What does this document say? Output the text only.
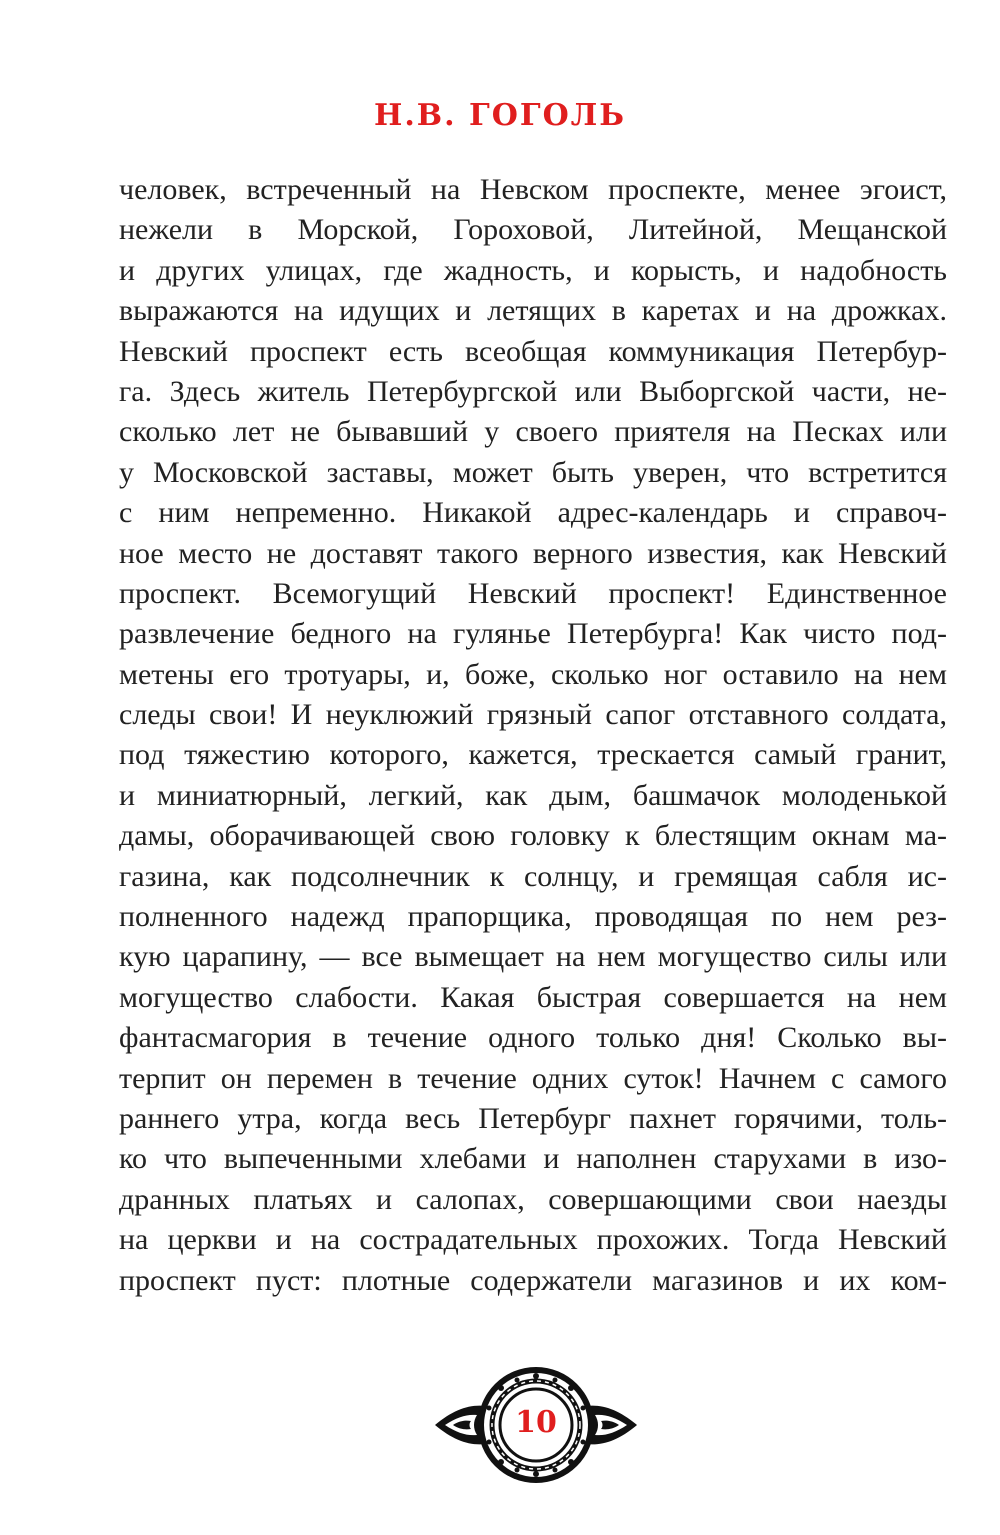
Н.В. ГОГОЛЬ
человек, встреченный на Невском проспекте, менее эгоист,
нежели в Морской, Гороховой, Литейной, Мещанской
и других улицах, где жадность, и корысть, и надобность
выражаются на идущих и летящих в каретах и на дрожках.
Невский проспект есть всеобщая коммуникация Петербур-
га. Здесь житель Петербургской или Выборгской части, не-
сколько лет не бывавший у своего приятеля на Песках или
у Московской заставы, может быть уверен, что встретится
с ним непременно. Никакой адрес-календарь и справоч-
ное место не доставят такого верного известия, как Невский
проспект. Всемогущий Невский проспект! Единственное
развлечение бедного на гулянье Петербурга! Как чисто под-
метены его тротуары, и, боже, сколько ног оставило на нем
следы свои! И неуклюжий грязный сапог отставного солдата,
под тяжестию которого, кажется, трескается самый гранит,
и миниатюрный, легкий, как дым, башмачок молоденькой
дамы, оборачивающей свою головку к блестящим окнам ма-
газина, как подсолнечник к солнцу, и гремящая сабля ис-
полненного надежд прапорщика, проводящая по нем рез-
кую царапину, — все вымещает на нем могущество силы или
могущество слабости. Какая быстрая совершается на нем
фантасмагория в течение одного только дня! Сколько вы-
терпит он перемен в течение одних суток! Начнем с самого
раннего утра, когда весь Петербург пахнет горячими, толь-
ко что выпеченными хлебами и наполнен старухами в изо-
дранных платьях и салопах, совершающими свои наезды
на церкви и на сострадательных прохожих. Тогда Невский
проспект пуст: плотные содержатели магазинов и их ком-
10
